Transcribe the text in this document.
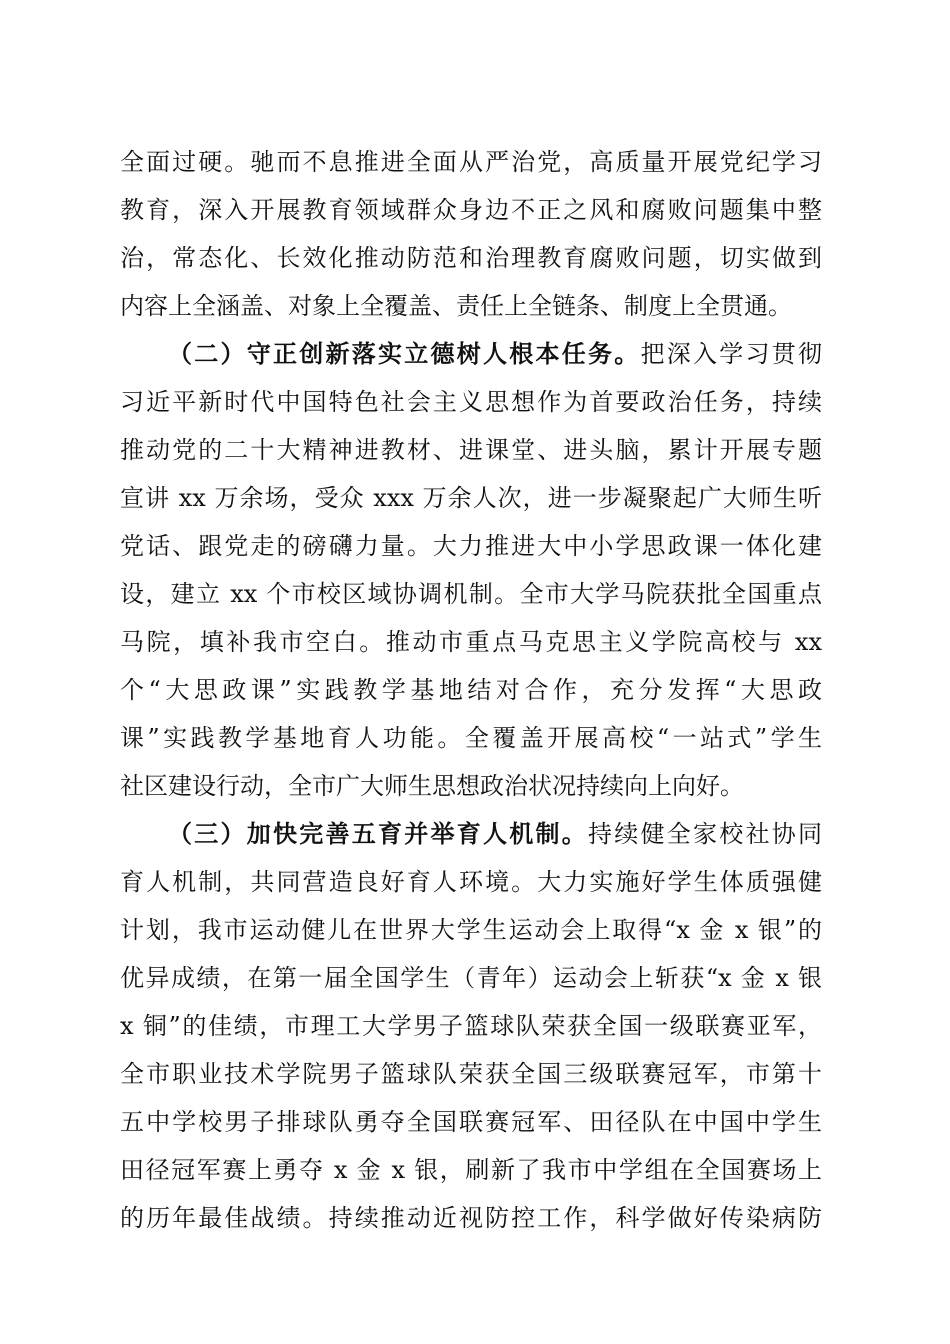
全面过硬。驰而不息推进全面从严治党，高质量开展党纪学习
教育，深入开展教育领域群众身边不正之风和腐败问题集中整
治，常态化、长效化推动防范和治理教育腐败问题，切实做到
内容上全涵盖、对象上全覆盖、责任上全链条、制度上全贯通。
（二）守正创新落实立德树人根本任务。把深入学习贯彻
习近平新时代中国特色社会主义思想作为首要政治任务，持续
推动党的二十大精神进教材、进课堂、进头脑，累计开展专题
宣讲 xx 万余场，受众 xxx 万余人次，进一步凝聚起广大师生听
党话、跟党走的磅礴力量。大力推进大中小学思政课一体化建
设，建立 xx 个市校区域协调机制。全市大学马院获批全国重点
马院，填补我市空白。推动市重点马克思主义学院高校与 xx
个“大思政课”实践教学基地结对合作，充分发挥“大思政
课”实践教学基地育人功能。全覆盖开展高校“一站式”学生
社区建设行动，全市广大师生思想政治状况持续向上向好。
（三）加快完善五育并举育人机制。持续健全家校社协同
育人机制，共同营造良好育人环境。大力实施好学生体质强健
计划，我市运动健儿在世界大学生运动会上取得“x 金 x 银”的
优异成绩，在第一届全国学生（青年）运动会上斩获“x 金 x 银
x 铜”的佳绩，市理工大学男子篮球队荣获全国一级联赛亚军，
全市职业技术学院男子篮球队荣获全国三级联赛冠军，市第十
五中学校男子排球队勇夺全国联赛冠军、田径队在中国中学生
田径冠军赛上勇夺 x 金 x 银，刷新了我市中学组在全国赛场上
的历年最佳战绩。持续推动近视防控工作，科学做好传染病防
